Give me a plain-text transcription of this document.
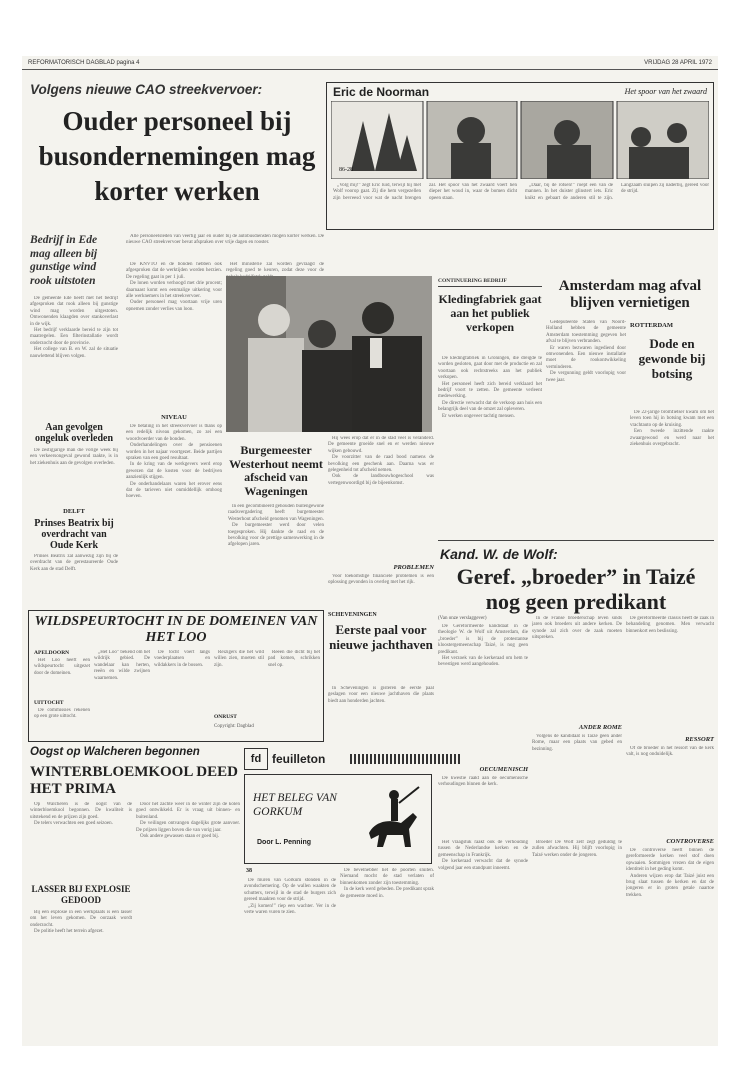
REFORMATORISCH DAGBLAD pagina 4	VRIJDAG 28 APRIL 1972
Volgens nieuwe CAO streekvervoer:
Ouder personeel bij busondernemingen mag korter werken
Bedrijf in Ede mag alleen bij gunstige wind rook uitstoten

Alle personeelsleden van veertig jaar en ouder bij de autobusdiensten mogen korter werken. De nieuwe CAO streekvervoer bevat afspraken over vrije dagen en rooster.

De gemeente Ede heeft met het bedrijf afgesproken dat rook alleen bij gunstige wind mag worden uitgestoten. Omwonenden klaagden over stankoverlast in de wijk.

Het bedrijf verklaarde bereid te zijn tot maatregelen. Een filterinstallatie wordt onderzocht door de provincie.

Het college van B. en W. zal de situatie nauwlettend blijven volgen.

De KNVTO en de bonden hebben ook afgesproken dat de werktijden worden herzien. De regeling gaat in per 1 juli.

De lonen worden verhoogd met drie procent; daarnaast komt een eenmalige uitkering voor alle werknemers in het streekvervoer.

Ouder personeel mag voortaan vrije uren opnemen zonder verlies van loon.

NIVEAU

De betaling in het streekvervoer is thans op een redelijk niveau gekomen, zo zei een woordvoerder van de bonden.

Onderhandelingen over de pensioenen worden in het najaar voortgezet. Beide partijen spraken van een goed resultaat.

In de kring van de werkgevers werd erop gewezen dat de kosten voor de bedrijven aanzienlijk stijgen.

De onderhandelaars waren het erover eens dat de tarieven niet onmiddellijk omhoog hoeven.

Het ministerie zal worden gevraagd de regeling goed te keuren, zodat deze voor de

Aan gevolgen ongeluk overleden

De zestigjarige man die vorige week bij een verkeersongeval gewond raakte, is in het ziekenhuis aan de gevolgen overleden.

DELFT
Prinses Beatrix bij overdracht van Oude Kerk

Prinses Beatrix zal aanwezig zijn bij de overdracht van de gerestaureerde Oude Kerk aan de stad Delft.

Eric de Noorman	Het spoor van het zwaard
86-28

„Volg mij!” zegt Eric luid, terwijl hij met Wolf voorop gaat. Zij die hem vergezellen zijn bevreesd voor wat de nacht brengen zal. Het spoor van het zwaard voert hen dieper het woud in, waar de bomen dicht opeen staan.

„Daar, bij de rotsen!” roept een van de mannen. In het duister glinstert iets. Eric knikt en gebaart de anderen stil te zijn. Langzaam sluipen zij naderbij, gereed voor de strijd.

Burgemeester Westerhout neemt afscheid van Wageningen

In een gecombineerd gehouden buitengewone raadsvergadering heeft burgemeester Westerhout afscheid genomen van Wageningen.

De burgemeester werd door velen toegesproken. Hij dankte de raad en de bevolking voor de prettige samenwerking in de afgelopen jaren.

Hij wees erop dat er in de stad veel is veranderd. De gemeente groeide snel en er werden nieuwe wijken gebouwd.

De voorzitter van de raad bood namens de bevolking een geschenk aan. Daarna was er gelegenheid tot afscheid nemen.

Ook de landbouwhogeschool was vertegenwoordigd bij de bijeenkomst.

PROBLEMEN

Voor toekomstige financiële problemen is een oplossing gevonden in overleg met het rijk.

CONTINUERING BEDRIJF
Kledingfabriek gaat aan het publiek verkopen

De kledingfabriek in Groningen, die dreigde te worden gesloten, gaat door met de productie en zal voortaan ook rechtstreeks aan het publiek verkopen.

Het personeel heeft zich bereid verklaard het bedrijf voort te zetten. De gemeente verleent medewerking.

De directie verwacht dat de verkoop aan huis een belangrijk deel van de omzet zal opleveren.

Er werken ongeveer tachtig mensen.

Amsterdam mag afval blijven vernietigen

Gedeputeerde Staten van Noord-Holland hebben de gemeente Amsterdam toestemming gegeven het afval te blijven verbranden.

Er waren bezwaren ingediend door omwonenden. Een nieuwe installatie moet de rookontwikkeling verminderen.

De vergunning geldt voorlopig voor twee jaar.

ROTTERDAM
Dode en gewonde bij botsing

De 22-jarige bromfietser kwam om het leven toen hij in botsing kwam met een vrachtauto op de kruising.

Een tweede inzittende raakte zwaargewond en werd naar het ziekenhuis overgebracht.

Kand. W. de Wolf:
Geref. „broeder” in Taizé nog geen predikant
(Van onze verslaggever)

De Gereformeerde kandidaat in de theologie W. de Wolf uit Amsterdam, die „broeder” is bij de protestantse kloostergemeenschap Taizé, is nog geen predikant.

Het verzoek van de kerkeraad om hem te bevestigen werd aangehouden.

OECUMENISCH

De kwestie raakt aan de oecumenische verhoudingen binnen de kerk.

In de Franse broederschap leven sinds jaren ook broeders uit andere kerken. De synode zal zich over de zaak moeten uitspreken.

ANDER ROME

Volgens de kandidaat is Taizé geen ander Rome, maar een plaats van gebed en bezinning.

De gereformeerde classis heeft de zaak in behandeling genomen. Men verwacht binnenkort een beslissing.

RESSORT

Of de broeder in het ressort van de kerk valt, is nog onduidelijk.

CONTROVERSE

De controverse heeft binnen de gereformeerde kerken veel stof doen opwaaien. Sommigen vrezen dat de eigen identiteit in het geding komt.

Anderen wijzen erop dat Taizé juist een brug slaat tussen de kerken en dat de jongeren er in groten getale naartoe trekken.

SCHEVENINGEN
Eerste paal voor nieuwe jachthaven

In Scheveningen is gisteren de eerste paal geslagen voor een nieuwe jachthaven die plaats biedt aan honderden jachten.

WILDSPEURTOCHT IN DE DOMEINEN VAN HET LOO
APELDOORN

Het Loo heeft een wildspeurtocht uitgezet door de domeinen.

UITTOCHT

De commissies rekenen op een grote uittocht.

„Het Loo” bekend om het wildrijk gebied. De wandelaar kan herten, reeën en wilde zwijnen waarnemen.

De tocht voert langs voederplaatsen en wildakkers in de bossen.

Reizigers die het wild willen zien, moeten stil zijn.

ONRUST
Copyright: Dagblad

Reeën die dicht bij het pad komen, schrikken snel op.

Oogst op Walcheren begonnen
WINTERBLOEMKOOL DEED HET PRIMA

Op Walcheren is de oogst van de winterbloemkool begonnen. De kwaliteit is uitstekend en de prijzen zijn goed.

De telers verwachten een goed seizoen.

LASSER BIJ EXPLOSIE GEDOOD

Bij een explosie in een werkplaats is een lasser om het leven gekomen. De oorzaak wordt onderzocht.

De politie heeft het terrein afgezet.

Door het zachte weer in de winter zijn de kolen goed ontwikkeld. Er is vraag uit binnen- en buitenland.

De veilingen ontvangen dagelijks grote aanvoer. De prijzen liggen boven die van vorig jaar.

Ook andere gewassen staan er goed bij.

fd feuilleton
HET BELEG VAN GORKUM
Door L. Penning
38

De muren van Gorkum stonden in de avondschemering. Op de wallen waakten de schutters, terwijl in de stad de burgers zich gereed maakten voor de strijd.

„Zij komen!” riep een wachter. Ver in de verte waren vuren te zien.

De bevelhebber liet de poorten sluiten. Niemand mocht de stad verlaten of binnenkomen zonder zijn toestemming.

In de kerk werd gebeden. De predikant sprak de gemeente moed in.

Het vraagstuk raakt ook de verhouding tussen de Nederlandse kerken en de gemeenschap in Frankrijk.

De kerkeraad verwacht dat de synode volgend jaar een standpunt inneemt.

Broeder De Wolf zelf zegt geduldig te zullen afwachten. Hij blijft voorlopig in Taizé werken onder de jongeren.
